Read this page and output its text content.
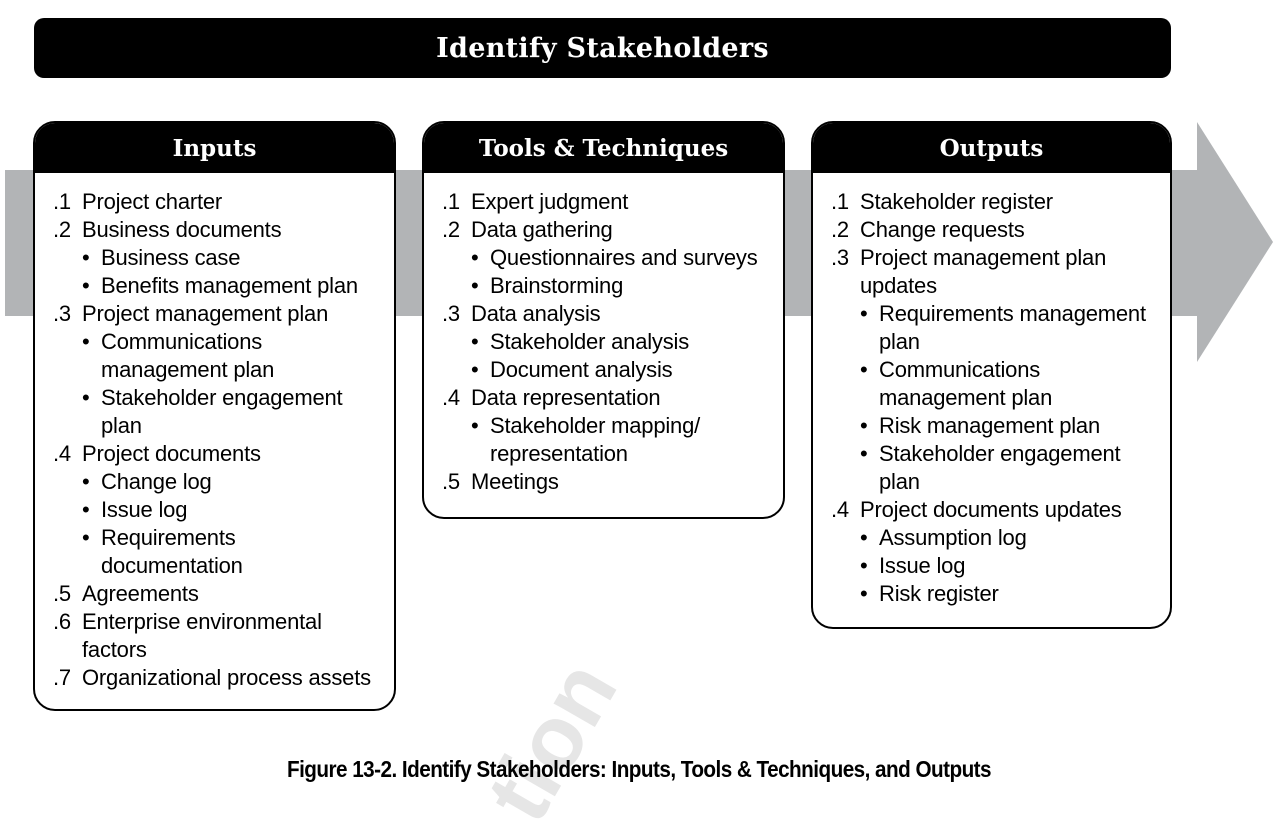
tion
Identify Stakeholders
Inputs
.1 Project charter
.2 Business documents
• Business case
• Benefits management plan
.3 Project management plan
• Communications management plan
• Stakeholder engagement plan
.4 Project documents
• Change log
• Issue log
• Requirements documentation
.5 Agreements
.6 Enterprise environmental factors
.7 Organizational process assets
Tools & Techniques
.1 Expert judgment
.2 Data gathering
• Questionnaires and surveys
• Brainstorming
.3 Data analysis
• Stakeholder analysis
• Document analysis
.4 Data representation
• Stakeholder mapping/ representation
.5 Meetings
Outputs
.1 Stakeholder register
.2 Change requests
.3 Project management plan updates
• Requirements management plan
• Communications management plan
• Risk management plan
• Stakeholder engagement plan
.4 Project documents updates
• Assumption log
• Issue log
• Risk register
Figure 13-2. Identify Stakeholders: Inputs, Tools & Techniques, and Outputs
